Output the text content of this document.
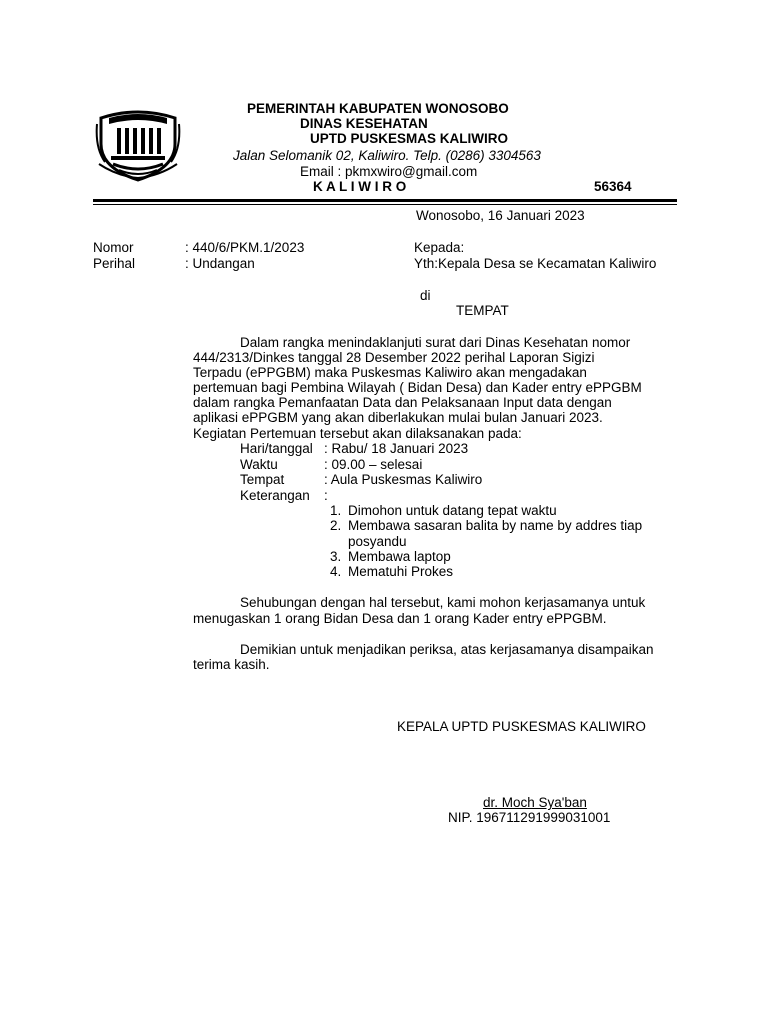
PEMERINTAH KABUPATEN WONOSOBO
DINAS KESEHATAN
UPTD PUSKESMAS KALIWIRO
Jalan Selomanik 02, Kaliwiro. Telp. (0286) 3304563
Email : pkmxwiro@gmail.com
K A L I W I R O	56364
Wonosobo, 16 Januari 2023
Nomor	: 440/6/PKM.1/2023
Perihal	: Undangan
Kepada:
Yth:Kepala Desa se Kecamatan Kaliwiro
di
TEMPAT
Dalam rangka menindaklanjuti surat dari Dinas Kesehatan nomor
444/2313/Dinkes tanggal 28 Desember 2022 perihal Laporan Sigizi
Terpadu (ePPGBM) maka Puskesmas Kaliwiro akan mengadakan
pertemuan bagi Pembina Wilayah ( Bidan Desa) dan Kader entry ePPGBM
dalam rangka Pemanfaatan Data dan Pelaksanaan Input data dengan
aplikasi ePPGBM yang akan diberlakukan mulai bulan Januari 2023.
Kegiatan Pertemuan tersebut akan dilaksanakan pada:
Hari/tanggal : Rabu/ 18 Januari 2023
Waktu	: 09.00 – selesai
Tempat	: Aula Puskesmas Kaliwiro
Keterangan :
1. Dimohon untuk datang tepat waktu
2. Membawa sasaran balita by name by addres tiap
posyandu
3. Membawa laptop
4. Mematuhi Prokes
Sehubungan dengan hal tersebut, kami mohon kerjasamanya untuk
menugaskan 1 orang Bidan Desa dan 1 orang Kader entry ePPGBM.
Demikian untuk menjadikan periksa, atas kerjasamanya disampaikan
terima kasih.
KEPALA UPTD PUSKESMAS KALIWIRO
dr. Moch Sya'ban
NIP. 196711291999031001
